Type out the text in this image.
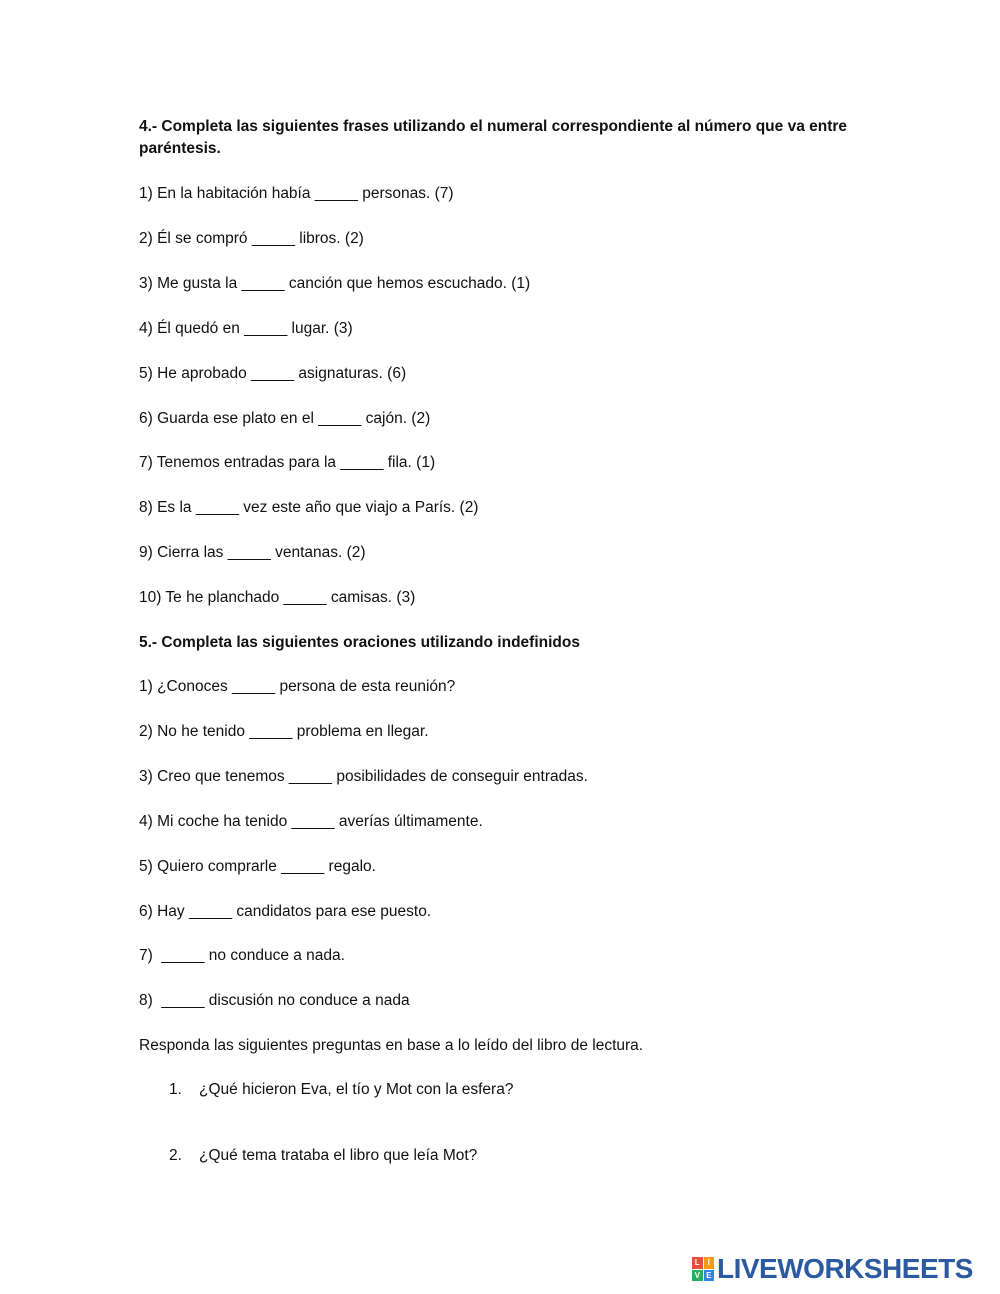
4.- Completa las siguientes frases utilizando el numeral correspondiente al número que va entre paréntesis.

1) En la habitación había _____ personas. (7)

2) Él se compró _____ libros. (2)

3) Me gusta la _____ canción que hemos escuchado. (1)

4) Él quedó en _____ lugar. (3)

5) He aprobado _____ asignaturas. (6)

6) Guarda ese plato en el _____ cajón. (2)

7) Tenemos entradas para la _____ fila. (1)

8) Es la _____ vez este año que viajo a París. (2)

9) Cierra las _____ ventanas. (2)

10) Te he planchado _____ camisas. (3)

5.- Completa las siguientes oraciones utilizando indefinidos

1) ¿Conoces _____ persona de esta reunión?

2) No he tenido _____ problema en llegar.

3) Creo que tenemos _____ posibilidades de conseguir entradas.

4) Mi coche ha tenido _____ averías últimamente.

5) Quiero comprarle _____ regalo.

6) Hay _____ candidatos para ese puesto.

7)  _____ no conduce a nada.

8)  _____ discusión no conduce a nada

Responda las siguientes preguntas en base a lo leído del libro de lectura.

1. ¿Qué hicieron Eva, el tío y Mot con la esfera?

2. ¿Qué tema trataba el libro que leía Mot?

L I
V E LIVEWORKSHEETS
